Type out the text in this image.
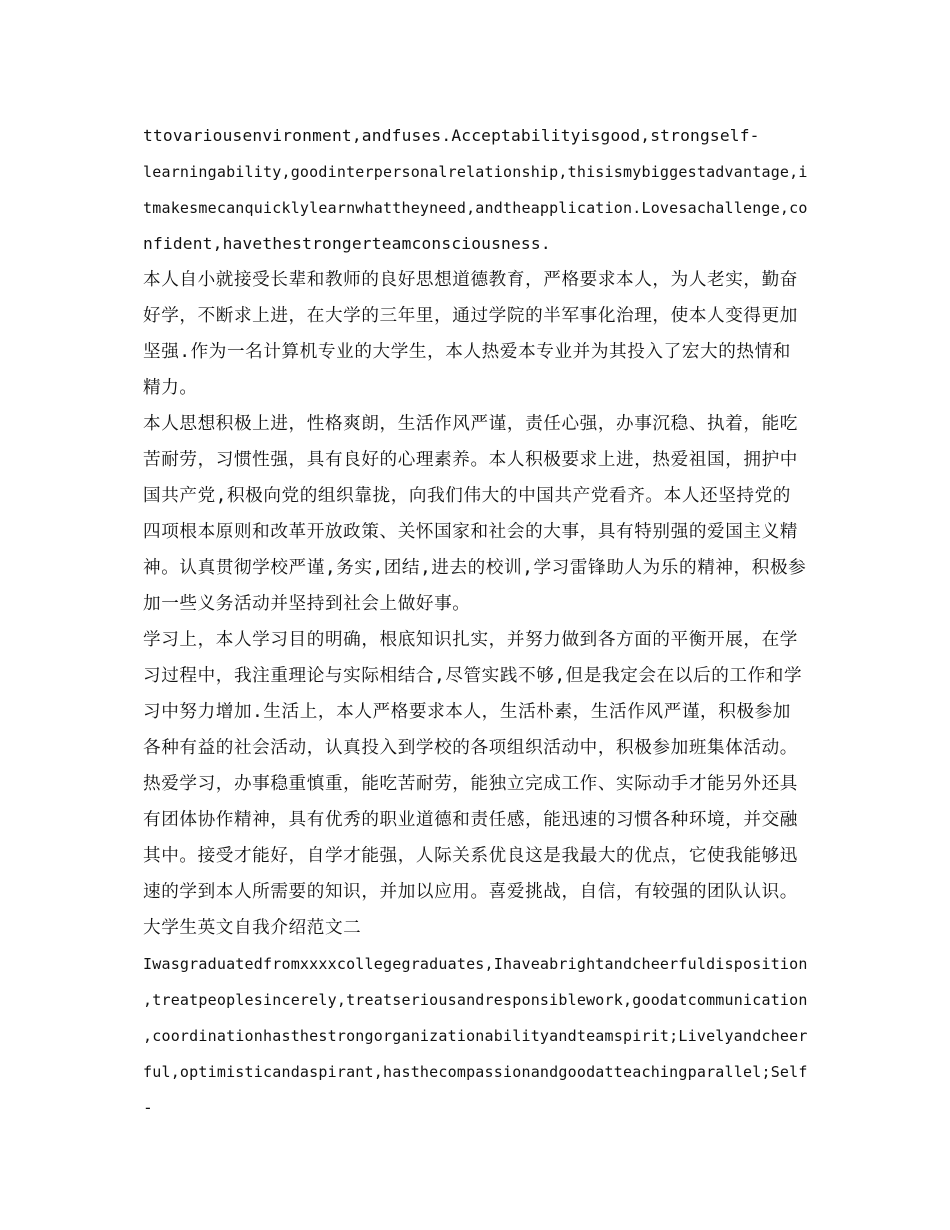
ttovariousenvironment,andfuses.Acceptabilityisgood,strongself-
learningability,goodinterpersonalrelationship,thisismybiggestadvantage,i
tmakesmecanquicklylearnwhattheyneed,andtheapplication.Lovesachallenge,co
nfident,havethestrongerteamconsciousness.
本人自小就接受长辈和教师的良好思想道德教育，严格要求本人，为人老实，勤奋
好学，不断求上进，在大学的三年里，通过学院的半军事化治理，使本人变得更加
坚强.作为一名计算机专业的大学生，本人热爱本专业并为其投入了宏大的热情和
精力。
本人思想积极上进，性格爽朗，生活作风严谨，责任心强，办事沉稳、执着，能吃
苦耐劳，习惯性强，具有良好的心理素养。本人积极要求上进，热爱祖国，拥护中
国共产党,积极向党的组织靠拢，向我们伟大的中国共产党看齐。本人还坚持党的
四项根本原则和改革开放政策、关怀国家和社会的大事，具有特别强的爱国主义精
神。认真贯彻学校严谨,务实,团结,进去的校训,学习雷锋助人为乐的精神，积极参
加一些义务活动并坚持到社会上做好事。
学习上，本人学习目的明确，根底知识扎实，并努力做到各方面的平衡开展，在学
习过程中，我注重理论与实际相结合,尽管实践不够,但是我定会在以后的工作和学
习中努力增加.生活上，本人严格要求本人，生活朴素，生活作风严谨，积极参加
各种有益的社会活动，认真投入到学校的各项组织活动中，积极参加班集体活动。
热爱学习，办事稳重慎重，能吃苦耐劳，能独立完成工作、实际动手才能另外还具
有团体协作精神，具有优秀的职业道德和责任感，能迅速的习惯各种环境，并交融
其中。接受才能好，自学才能强，人际关系优良这是我最大的优点，它使我能够迅
速的学到本人所需要的知识，并加以应用。喜爱挑战，自信，有较强的团队认识。
大学生英文自我介绍范文二
Iwasgraduatedfromxxxxcollegegraduates,Ihaveabrightandcheerfuldisposition
,treatpeoplesincerely,treatseriousandresponsiblework,goodatcommunication
,coordinationhasthestrongorganizationabilityandteamspirit;Livelyandcheer
ful,optimisticandaspirant,hasthecompassionandgoodatteachingparallel;Self
-
